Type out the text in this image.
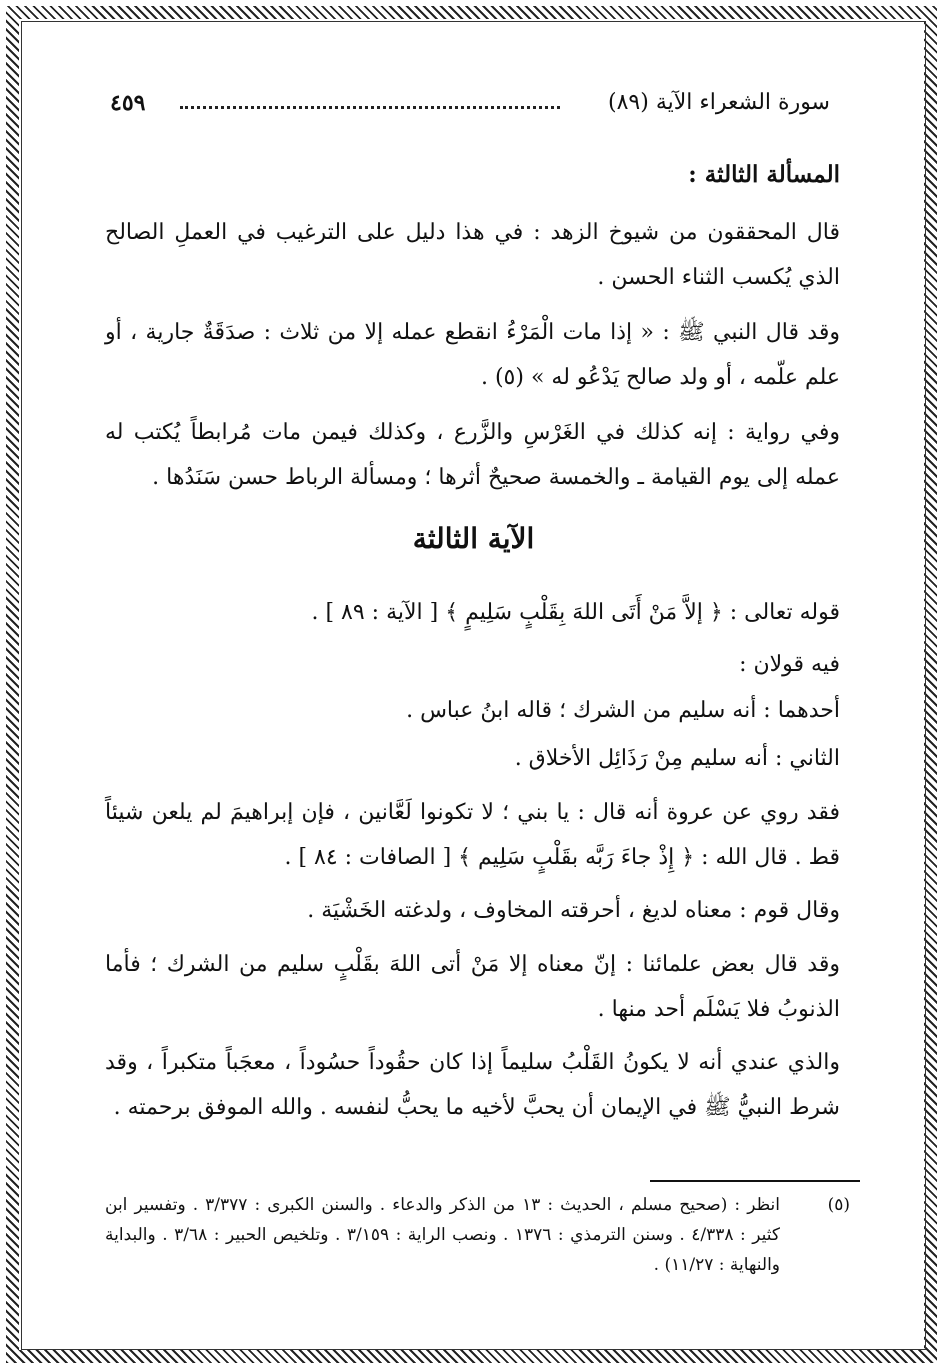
سورة الشعراء الآية (٨٩)
٤٥٩
المسألة الثالثة :
قال المحققون من شيوخ الزهد : في هذا دليل على الترغيب في العملِ الصالح الذي يُكسب الثناء الحسن .
وقد قال النبي ﷺ : « إذا مات الْمَرْءُ انقطع عمله إلا من ثلاث : صدَقَةٌ جارية ، أو علم علّمه ، أو ولد صالح يَدْعُو له » (٥) .
وفي رواية : إنه كذلك في الغَرْسِ والزَّرع ، وكذلك فيمن مات مُرابطاً يُكتب له عمله إلى يوم القيامة ـ والخمسة صحيحٌ أثرها ؛ ومسألة الرباط حسن سَنَدُها .
الآية الثالثة
قوله تعالى : ﴿ إلاَّ مَنْ أَتَى اللهَ بِقَلْبٍ سَلِيمٍ ﴾ [ الآية : ٨٩ ] .
فيه قولان :
أحدهما : أنه سليم من الشرك ؛ قاله ابنُ عباس .
الثاني : أنه سليم مِنْ رَذَائِل الأخلاق .
فقد روي عن عروة أنه قال : يا بني ؛ لا تكونوا لَعَّانين ، فإن إبراهيمَ لم يلعن شيئاً قط . قال الله : ﴿ إِذْ جاءَ رَبَّه بقَلْبٍ سَلِيم ﴾ [ الصافات : ٨٤ ] .
وقال قوم : معناه لديغ ، أحرقته المخاوف ، ولدغته الخَشْيَة .
وقد قال بعض علمائنا : إنّ معناه إلا مَنْ أتى اللهَ بقَلْبٍ سليم من الشرك ؛ فأما الذنوبُ فلا يَسْلَم أحد منها .
والذي عندي أنه لا يكونُ القَلْبُ سليماً إذا كان حقُوداً حسُوداً ، معجَباً متكبراً ، وقد شرط النبيُّ ﷺ في الإيمان أن يحبَّ لأخيه ما يحبُّ لنفسه . والله الموفق برحمته .
(٥)
انظر : (صحيح مسلم ، الحديث : ١٣ من الذكر والدعاء . والسنن الكبرى : ٣/٣٧٧ . وتفسير ابن كثير : ٤/٣٣٨ . وسنن الترمذي : ١٣٧٦ . ونصب الراية : ٣/١٥٩ . وتلخيص الحبير : ٣/٦٨ . والبداية والنهاية : ١١/٢٧) .
